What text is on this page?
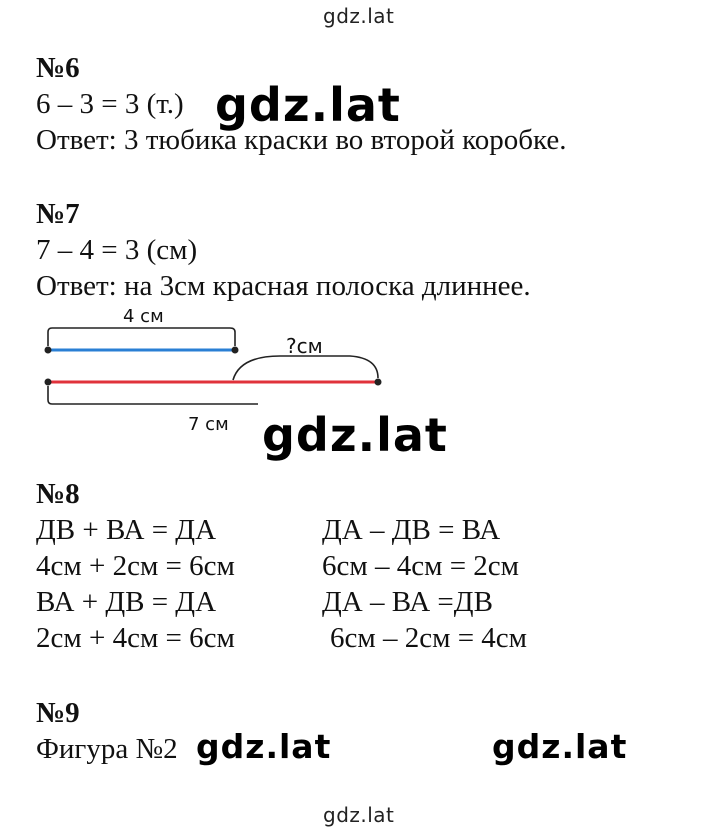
gdz.lat
gdz.lat
gdz.lat
gdz.lat	gdz.lat
gdz.lat
№6
6 – 3 = 3 (т.)
Ответ: 3 тюбика краски во второй коробке.
№7
7 – 4 = 3 (см)
Ответ: на 3см красная полоска длиннее.
4 см
?см
7 см
№8
ДВ + ВА = ДА	ДА – ДВ = ВА
4см + 2см = 6см	6см – 4см = 2см
ВА + ДВ = ДА	ДА – ВА =ДВ
2см + 4см = 6см	6см – 2см = 4см
№9
Фигура №2
